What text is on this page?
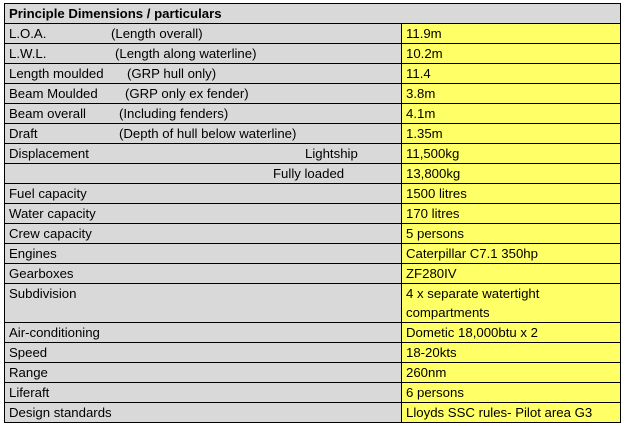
Principle Dimensions / particulars	
L.O.A. (Length overall)	11.9m
L.W.L. (Length along waterline)	10.2m
Length moulded (GRP hull only)	11.4
Beam Moulded (GRP only ex fender)	3.8m
Beam overall (Including fenders)	4.1m
Draft (Depth of hull below waterline)	1.35m
Displacement Lightship	11,500kg

Fully loaded	13,800kg
Fuel capacity	1500 litres
Water capacity	170 litres
Crew capacity	5 persons
Engines	Caterpillar C7.1 350hp
Gearboxes	ZF280IV
Subdivision	4 x separate watertight compartments

Air-conditioning	Dometic 18,000btu x 2
Speed	18-20kts
Range	260nm
Liferaft	6 persons
Design standards	Lloyds SSC rules- Pilot area G3
